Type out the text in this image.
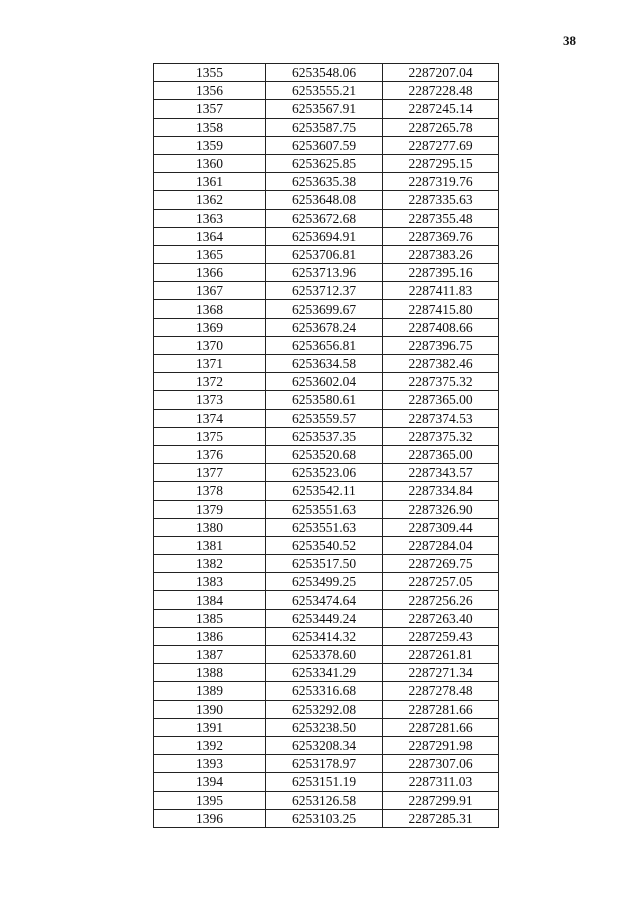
38
1355	6253548.06	2287207.04
1356	6253555.21	2287228.48
1357	6253567.91	2287245.14
1358	6253587.75	2287265.78
1359	6253607.59	2287277.69
1360	6253625.85	2287295.15
1361	6253635.38	2287319.76
1362	6253648.08	2287335.63
1363	6253672.68	2287355.48
1364	6253694.91	2287369.76
1365	6253706.81	2287383.26
1366	6253713.96	2287395.16
1367	6253712.37	2287411.83
1368	6253699.67	2287415.80
1369	6253678.24	2287408.66
1370	6253656.81	2287396.75
1371	6253634.58	2287382.46
1372	6253602.04	2287375.32
1373	6253580.61	2287365.00
1374	6253559.57	2287374.53
1375	6253537.35	2287375.32
1376	6253520.68	2287365.00
1377	6253523.06	2287343.57
1378	6253542.11	2287334.84
1379	6253551.63	2287326.90
1380	6253551.63	2287309.44
1381	6253540.52	2287284.04
1382	6253517.50	2287269.75
1383	6253499.25	2287257.05
1384	6253474.64	2287256.26
1385	6253449.24	2287263.40
1386	6253414.32	2287259.43
1387	6253378.60	2287261.81
1388	6253341.29	2287271.34
1389	6253316.68	2287278.48
1390	6253292.08	2287281.66
1391	6253238.50	2287281.66
1392	6253208.34	2287291.98
1393	6253178.97	2287307.06
1394	6253151.19	2287311.03
1395	6253126.58	2287299.91
1396	6253103.25	2287285.31
